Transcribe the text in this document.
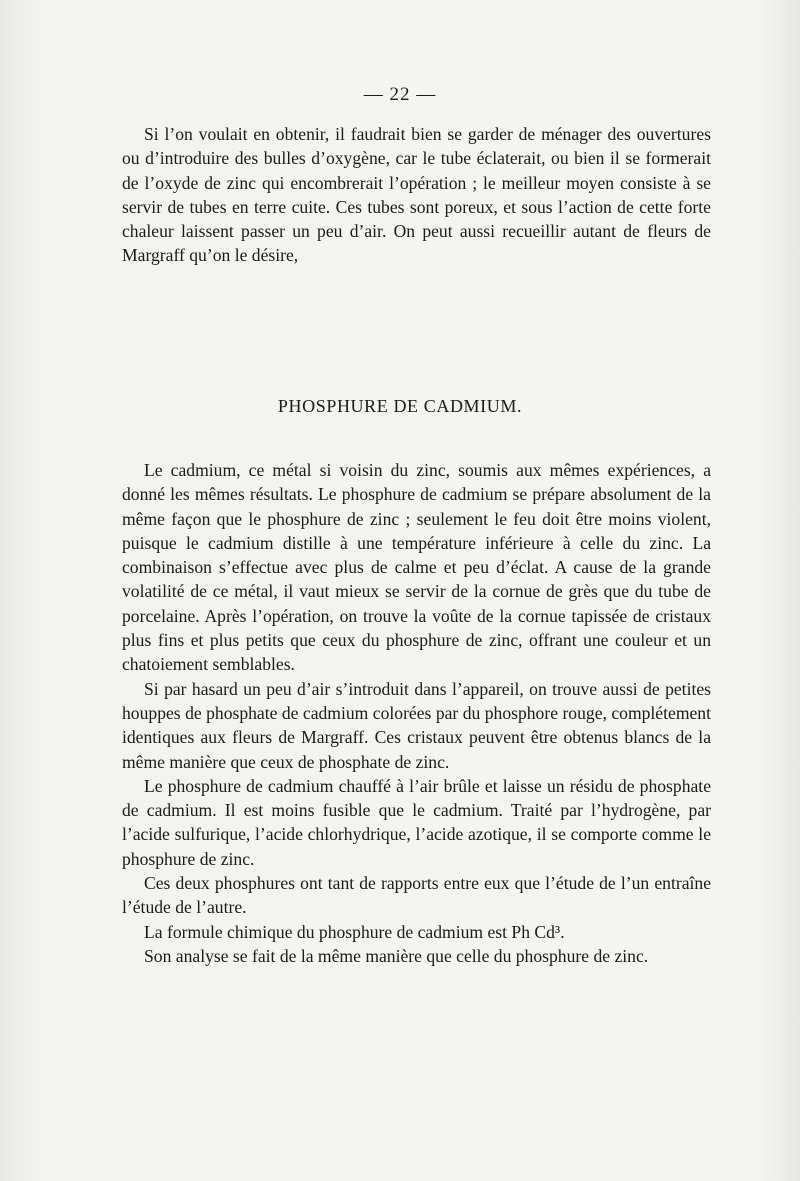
— 22 —

Si l’on voulait en obtenir, il faudrait bien se garder de ménager des ouvertures ou d’introduire des bulles d’oxygène, car le tube éclaterait, ou bien il se formerait de l’oxyde de zinc qui encombrerait l’opération ; le meilleur moyen consiste à se servir de tubes en terre cuite. Ces tubes sont poreux, et sous l’action de cette forte chaleur laissent passer un peu d’air. On peut aussi recueillir autant de fleurs de Margraff qu’on le désire,

PHOSPHURE DE CADMIUM.

Le cadmium, ce métal si voisin du zinc, soumis aux mêmes expériences, a donné les mêmes résultats. Le phosphure de cadmium se prépare absolument de la même façon que le phosphure de zinc ; seulement le feu doit être moins violent, puisque le cadmium distille à une température inférieure à celle du zinc. La combinaison s’effectue avec plus de calme et peu d’éclat. A cause de la grande volatilité de ce métal, il vaut mieux se servir de la cornue de grès que du tube de porcelaine. Après l’opération, on trouve la voûte de la cornue tapissée de cristaux plus fins et plus petits que ceux du phosphure de zinc, offrant une couleur et un chatoiement semblables.

Si par hasard un peu d’air s’introduit dans l’appareil, on trouve aussi de petites houppes de phosphate de cadmium colorées par du phosphore rouge, complétement identiques aux fleurs de Margraff. Ces cristaux peuvent être obtenus blancs de la même manière que ceux de phosphate de zinc.

Le phosphure de cadmium chauffé à l’air brûle et laisse un résidu de phosphate de cadmium. Il est moins fusible que le cadmium. Traité par l’hydrogène, par l’acide sulfurique, l’acide chlorhydrique, l’acide azotique, il se comporte comme le phosphure de zinc.

Ces deux phosphures ont tant de rapports entre eux que l’étude de l’un entraîne l’étude de l’autre.

La formule chimique du phosphure de cadmium est Ph Cd³.

Son analyse se fait de la même manière que celle du phosphure de zinc.
